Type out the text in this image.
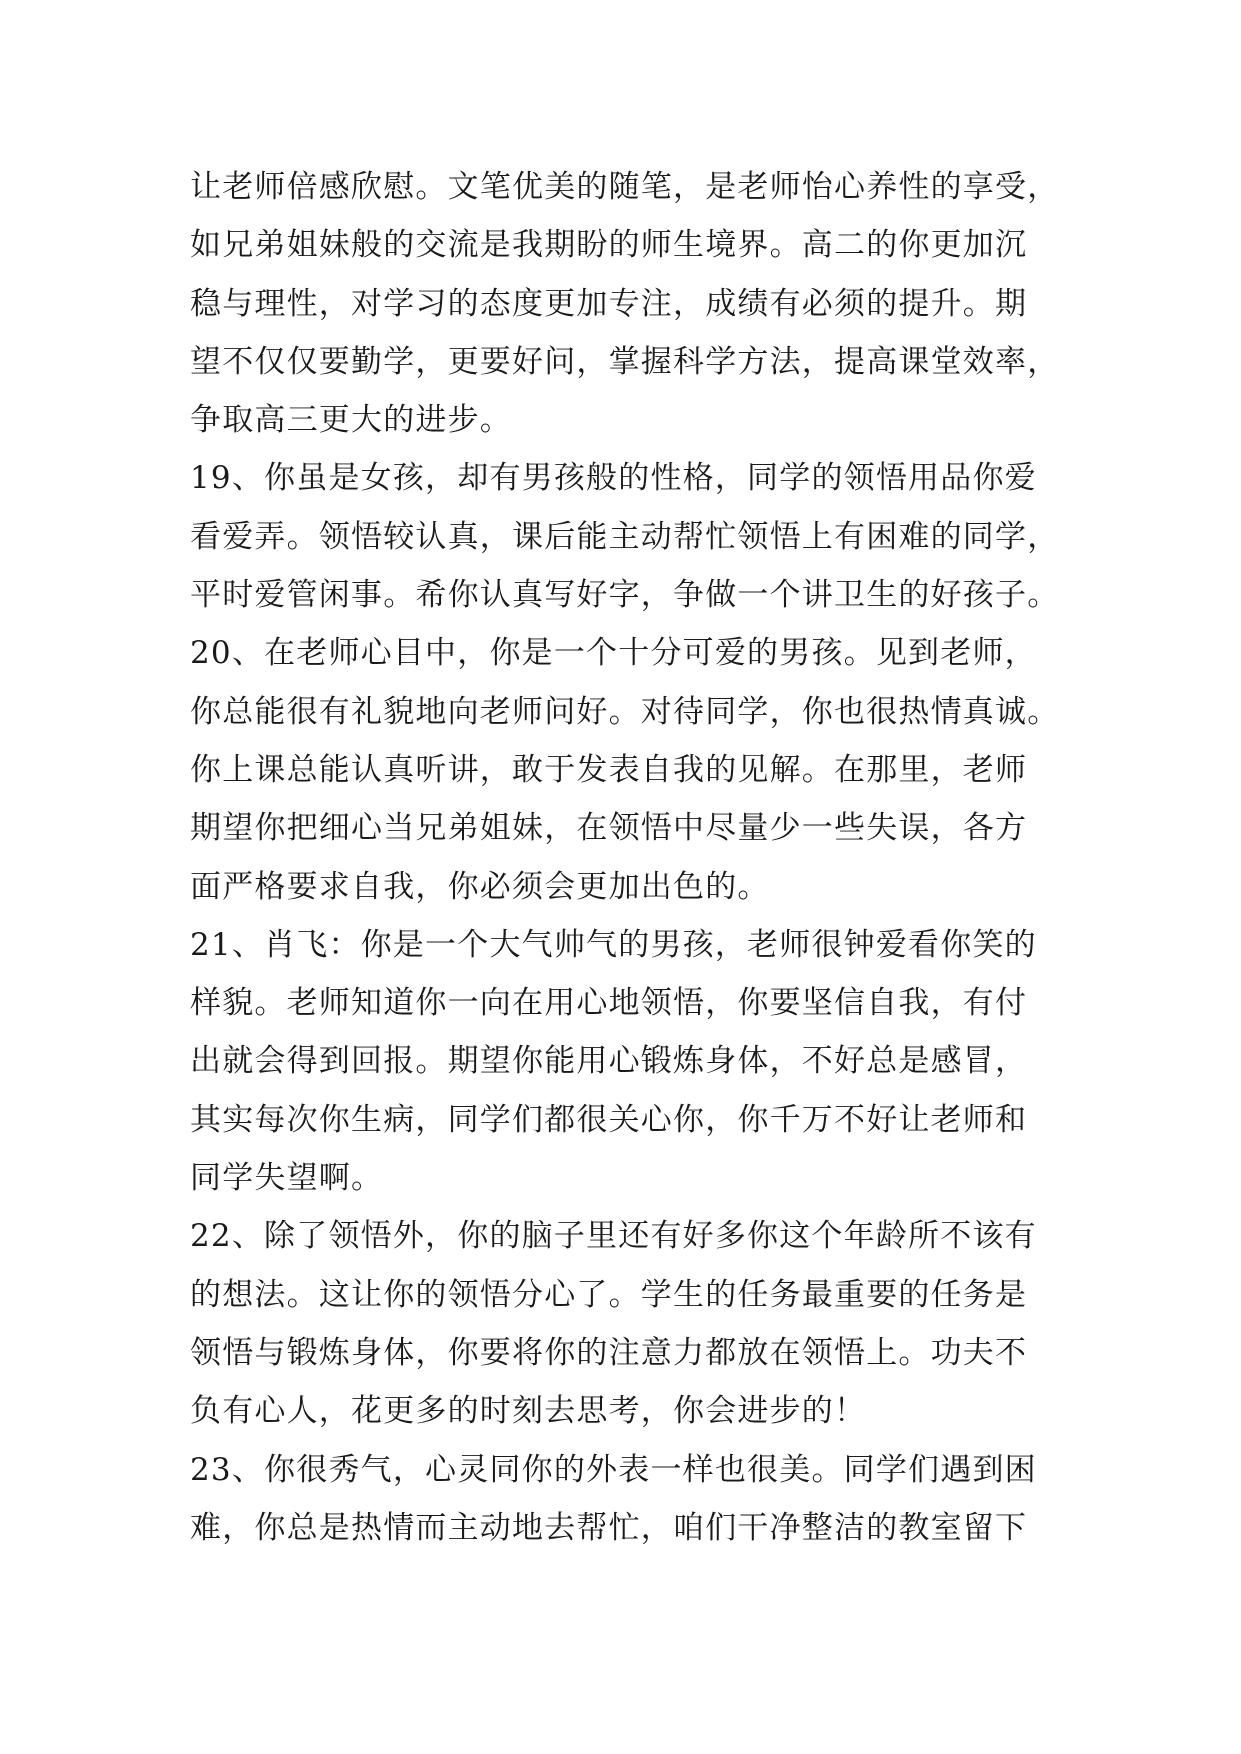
让老师倍感欣慰。文笔优美的随笔，是老师怡心养性的享受，
如兄弟姐妹般的交流是我期盼的师生境界。高二的你更加沉
稳与理性，对学习的态度更加专注，成绩有必须的提升。期
望不仅仅要勤学，更要好问，掌握科学方法，提高课堂效率，
争取高三更大的进步。
19、你虽是女孩，却有男孩般的性格，同学的领悟用品你爱
看爱弄。领悟较认真，课后能主动帮忙领悟上有困难的同学，
平时爱管闲事。希你认真写好字，争做一个讲卫生的好孩子。
20、在老师心目中，你是一个十分可爱的男孩。见到老师，
你总能很有礼貌地向老师问好。对待同学，你也很热情真诚。
你上课总能认真听讲，敢于发表自我的见解。在那里，老师
期望你把细心当兄弟姐妹，在领悟中尽量少一些失误，各方
面严格要求自我，你必须会更加出色的。
21、肖飞：你是一个大气帅气的男孩，老师很钟爱看你笑的
样貌。老师知道你一向在用心地领悟，你要坚信自我，有付
出就会得到回报。期望你能用心锻炼身体，不好总是感冒，
其实每次你生病，同学们都很关心你，你千万不好让老师和
同学失望啊。
22、除了领悟外，你的脑子里还有好多你这个年龄所不该有
的想法。这让你的领悟分心了。学生的任务最重要的任务是
领悟与锻炼身体，你要将你的注意力都放在领悟上。功夫不
负有心人，花更多的时刻去思考，你会进步的！
23、你很秀气，心灵同你的外表一样也很美。同学们遇到困
难，你总是热情而主动地去帮忙，咱们干净整洁的教室留下
